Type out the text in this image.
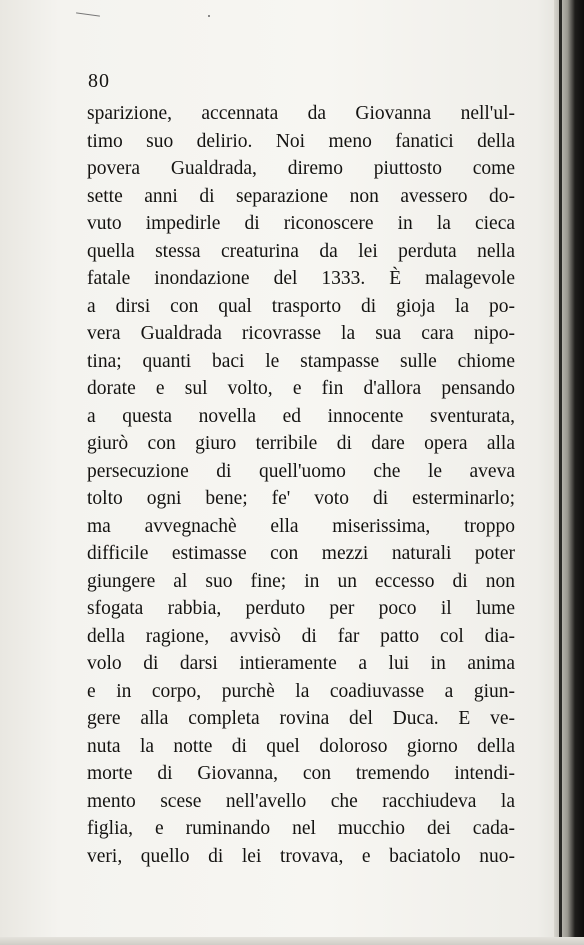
80
sparizione, accennata da Giovanna nell'ul-
timo suo delirio. Noi meno fanatici della
povera Gualdrada, diremo piuttosto come
sette anni di separazione non avessero do-
vuto impedirle di riconoscere in la cieca
quella stessa creaturina da lei perduta nella
fatale inondazione del 1333. È malagevole
a dirsi con qual trasporto di gioja la po-
vera Gualdrada ricovrasse la sua cara nipo-
tina; quanti baci le stampasse sulle chiome
dorate e sul volto, e fin d'allora pensando
a questa novella ed innocente sventurata,
giurò con giuro terribile di dare opera alla
persecuzione di quell'uomo che le aveva
tolto ogni bene; fe' voto di esterminarlo;
ma avvegnachè ella miserissima, troppo
difficile estimasse con mezzi naturali poter
giungere al suo fine; in un eccesso di non
sfogata rabbia, perduto per poco il lume
della ragione, avvisò di far patto col dia-
volo di darsi intieramente a lui in anima
e in corpo, purchè la coadiuvasse a giun-
gere alla completa rovina del Duca. E ve-
nuta la notte di quel doloroso giorno della
morte di Giovanna, con tremendo intendi-
mento scese nell'avello che racchiudeva la
figlia, e ruminando nel mucchio dei cada-
veri, quello di lei trovava, e baciatolo nuo-
